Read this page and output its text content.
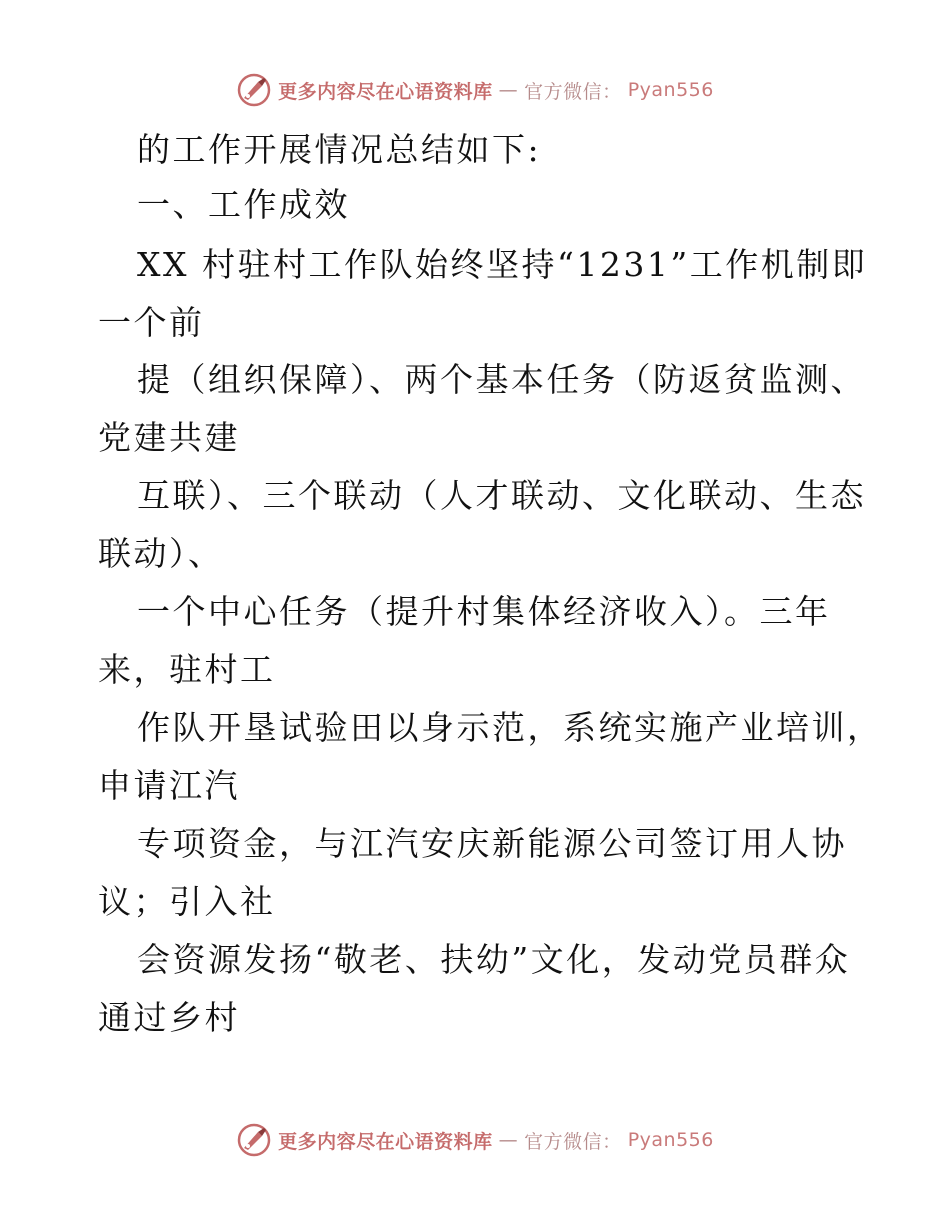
更多内容尽在心语资料库 — 官方微信： Pyan556
的工作开展情况总结如下:
一、工作成效
XX 村驻村工作队始终坚持“1231”工作机制即
一个前
提（组织保障）、两个基本任务（防返贫监测、
党建共建
互联）、三个联动（人才联动、文化联动、生态
联动）、
一个中心任务（提升村集体经济收入）。三年
来，驻村工
作队开垦试验田以身示范，系统实施产业培训，
申请江汽
专项资金，与江汽安庆新能源公司签订用人协
议；引入社
会资源发扬“敬老、扶幼”文化，发动党员群众
通过乡村
更多内容尽在心语资料库 — 官方微信： Pyan556
